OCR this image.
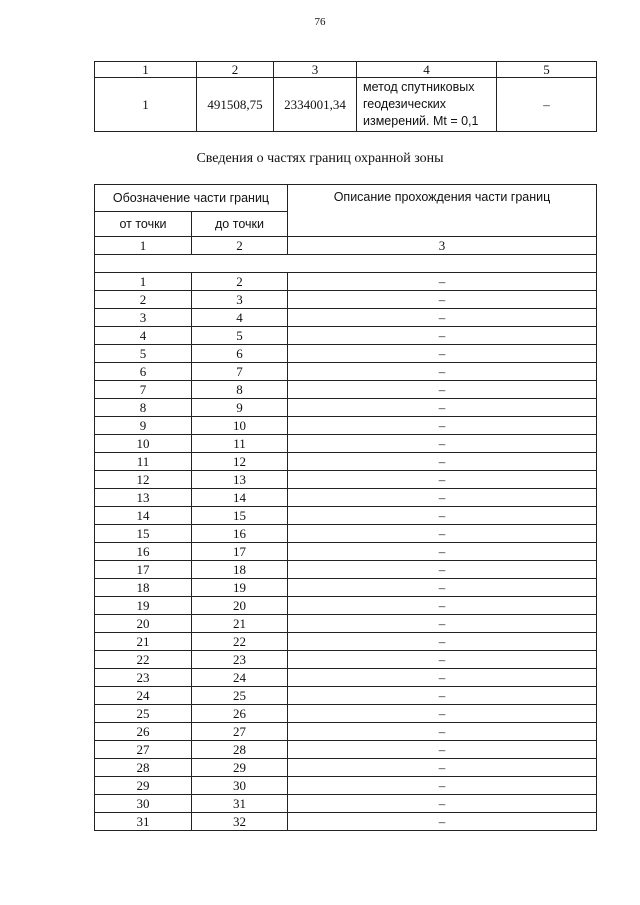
76
1	2	3	4	5
1	491508,75	2334001,34	метод спутниковых
геодезических
измерений. Mt = 0,1	–
Сведения о частях границ охранной зоны
Обозначение части границ		Описание прохождения части границ
от точки	до точки	
1	2	3

1	2	–
2	3	–
3	4	–
4	5	–
5	6	–
6	7	–
7	8	–
8	9	–
9	10	–
10	11	–
11	12	–
12	13	–
13	14	–
14	15	–
15	16	–
16	17	–
17	18	–
18	19	–
19	20	–
20	21	–
21	22	–
22	23	–
23	24	–
24	25	–
25	26	–
26	27	–
27	28	–
28	29	–
29	30	–
30	31	–
31	32	–
